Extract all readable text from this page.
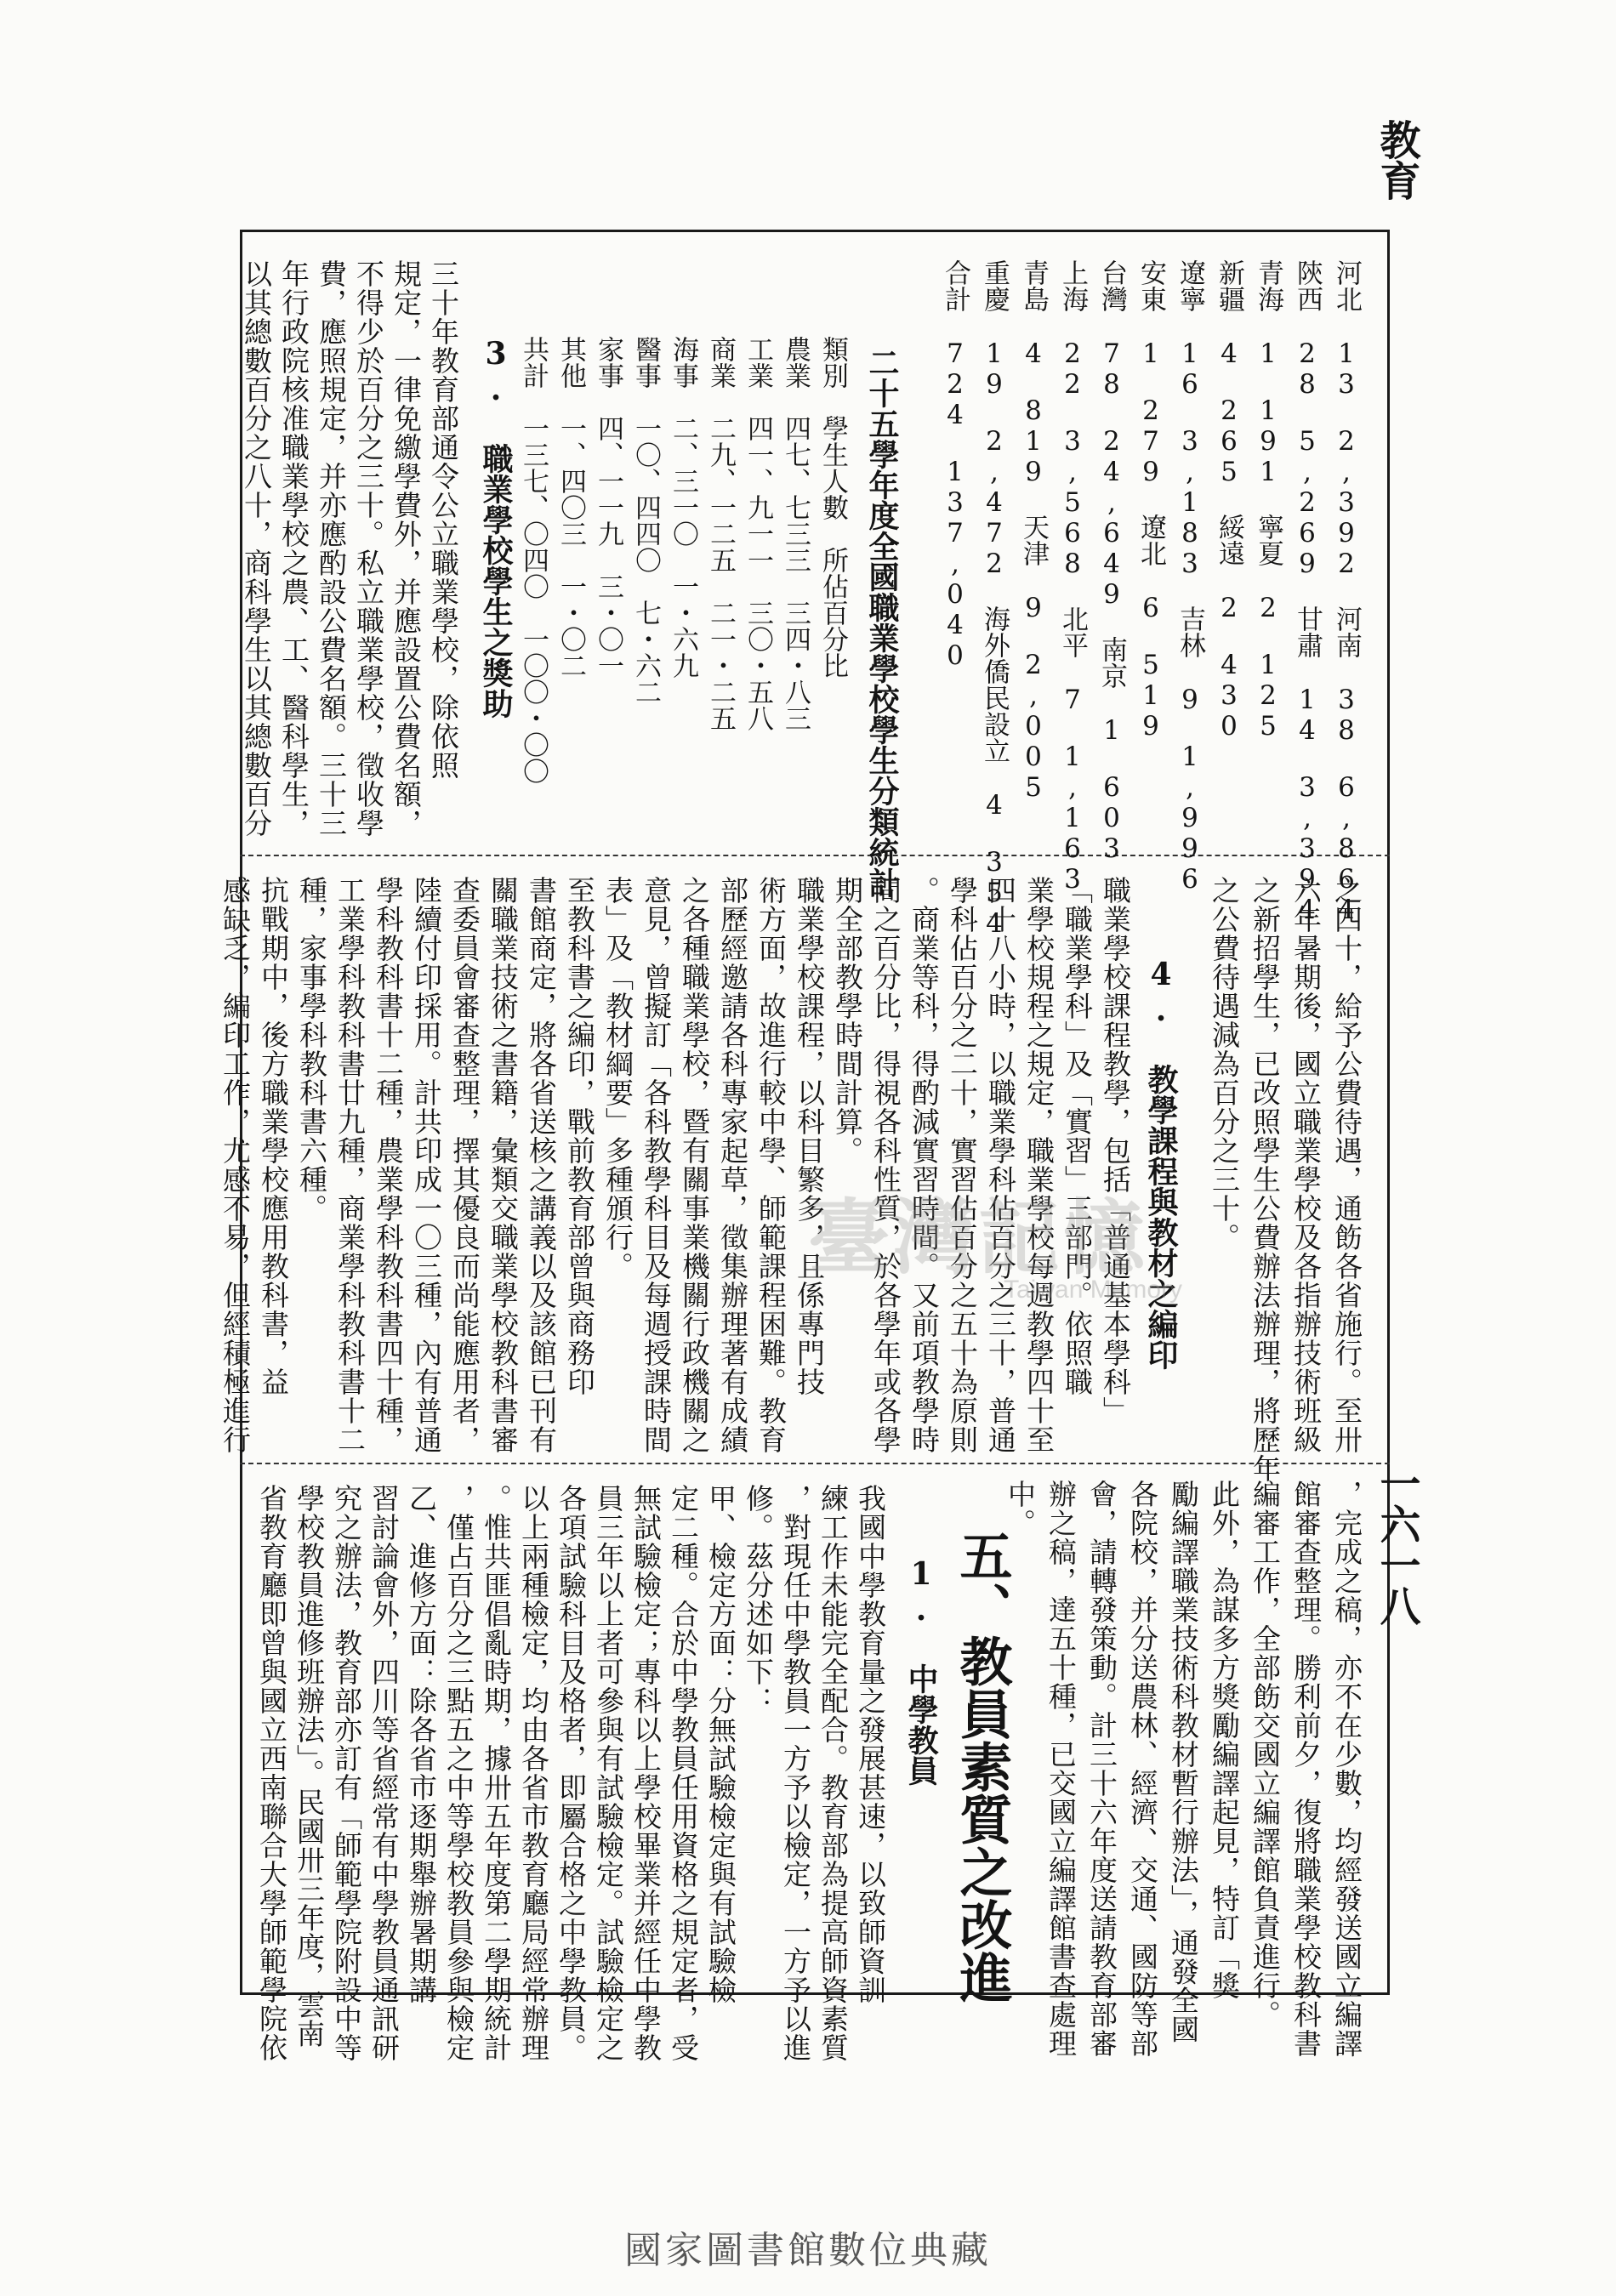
教育
一六一八
河北　13　2,392　河南　38　6,864
陝西　28　5,269　甘肅　14　3,394
青海　1　191　寧夏　2　125
新疆　4　265　綏遠　2　430
遼寧　16　3,183　吉林　9　1,996
安東　1　279　遼北　6　519
台灣　78　24,649　南京　1　603
上海　22　3,568　北平　7　1,163
青島　4　819　天津　9　2,005
重慶　19　2,472　海外僑民設立　4　354
合計　724　137,040
二十五學年度全國職業學校學生分類統計
類別　學生人數　所佔百分比
農業　四七、七三三　三四・八三
工業　四一、九一一　三〇・五八
商業　二九、一二五　二一・二五
海事　二、三一〇　一・六九
醫事　一〇、四四〇　七・六二
家事　四、一一九　三・〇一
其他　一、四〇三　一・〇二
共計　一三七、〇四〇　一〇〇・〇〇
3. 職業學校學生之獎助
三十年教育部通令公立職業學校，除依照
規定，一律免繳學費外，并應設置公費名額，
不得少於百分之三十。私立職業學校，徵收學
費，應照規定，并亦應酌設公費名額。三十三
年行政院核准職業學校之農、工、醫科學生，
以其總數百分之八十，商科學生以其總數百分
之四十，給予公費待遇，通飭各省施行。至卅
六年暑期後，國立職業學校及各指辦技術班級
之新招學生，已改照學生公費辦法辦理，將歷年
之公費待遇減為百分之三十。
4. 教學課程與教材之編印
職業學校課程教學，包括「普通基本學科」
「職業學科」及「實習」三部門。依照職
業學校規程之規定，職業學校每週教學四十至
四十八小時，以職業學科佔百分之三十，普通
學科佔百分之二十，實習佔百分之五十為原則
。商業等科，得酌減實習時間。又前項教學時
間之百分比，得視各科性質，於各學年或各學
期全部教學時間計算。
職業學校課程，以科目繁多，且係專門技
術方面，故進行較中學、師範課程困難。教育
部歷經邀請各科專家起草，徵集辦理著有成績
之各種職業學校，暨有關事業機關行政機關之
意見，曾擬訂「各科教學科目及每週授課時間
表」及「教材綱要」多種頒行。
至教科書之編印，戰前教育部曾與商務印
書館商定，將各省送核之講義以及該館已刊有
關職業技術之書籍，彙類交職業學校教科書審
查委員會審查整理，擇其優良而尚能應用者，
陸續付印採用。計共印成一〇三種，內有普通
學科教科書十二種，農業學科教科書四十種，
工業學科教科書廿九種，商業學科教科書十二
種，家事學科教科書六種。
抗戰期中，後方職業學校應用教科書，益
感缺乏，編印工作，尤感不易，但經積極進行
，完成之稿，亦不在少數，均經發送國立編譯
館審查整理。勝利前夕，復將職業學校教科書
編審工作，全部飭交國立編譯館負責進行。
此外，為謀多方獎勵編譯起見，特訂「獎
勵編譯職業技術科教材暫行辦法」，通發全國
各院校，并分送農林、經濟、交通、國防等部
會，請轉發策動。計三十六年度送請教育部審
辦之稿，達五十種，已交國立編譯館書查處理
中。
五、教員素質之改進
1. 中學教員
我國中學教育量之發展甚速，以致師資訓
練工作未能完全配合。教育部為提高師資素質
，對現任中學教員一方予以檢定，一方予以進
修。茲分述如下：
甲、檢定方面：分無試驗檢定與有試驗檢
定二種。合於中學教員任用資格之規定者，受
無試驗檢定；專科以上學校畢業并經任中學教
員三年以上者可參與有試驗檢定。試驗檢定之
各項試驗科目及格者，即屬合格之中學教員。
以上兩種檢定，均由各省市教育廳局經常辦理
。惟共匪倡亂時期，據卅五年度第二學期統計
，僅占百分之三點五之中等學校教員參與檢定
乙、進修方面：除各省市逐期舉辦暑期講
習討論會外，四川等省經常有中學教員通訊研
究之辦法，教育部亦訂有「師範學院附設中等
學校教員進修班辦法」。民國卅三年度，雲南
省教育廳即曾與國立西南聯合大學師範學院依
臺灣記憶
Taiwan Memory
國家圖書館數位典藏
